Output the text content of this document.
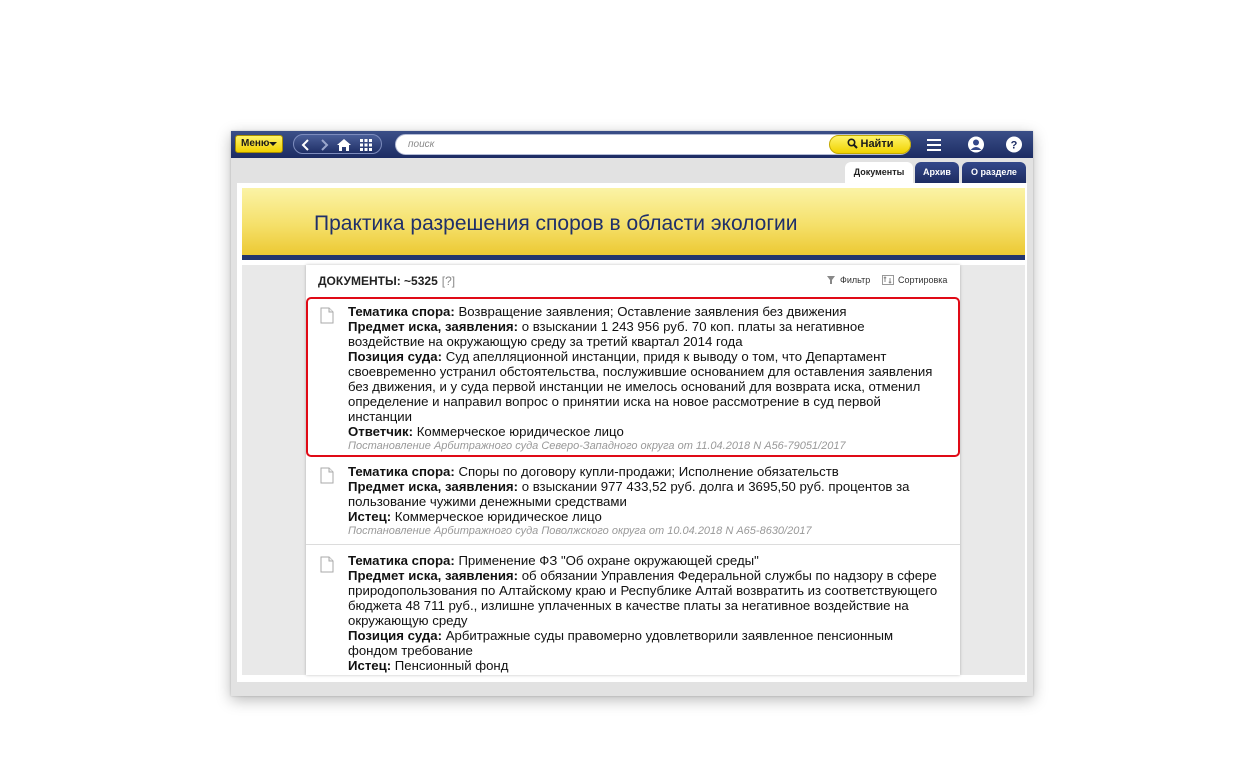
Меню
поиск	Найти	?
Документы	Архив	О разделе
Практика разрешения споров в области экологии
ДОКУМЕНТЫ: ~5325 [?]	Фильтр	Сортировка
Тематика спора: Возвращение заявления; Оставление заявления без движения
Предмет иска, заявления: о взыскании 1 243 956 руб. 70 коп. платы за негативное воздействие на окружающую среду за третий квартал 2014 года
Позиция суда: Суд апелляционной инстанции, придя к выводу о том, что Департамент своевременно устранил обстоятельства, послужившие основанием для оставления заявления без движения, и у суда первой инстанции не имелось оснований для возврата иска, отменил определение и направил вопрос о принятии иска на новое рассмотрение в суд первой инстанции
Ответчик: Коммерческое юридическое лицо
Постановление Арбитражного суда Северо-Западного округа от 11.04.2018 N А56-79051/2017
Тематика спора: Споры по договору купли-продажи; Исполнение обязательств
Предмет иска, заявления: о взыскании 977 433,52 руб. долга и 3695,50 руб. процентов за пользование чужими денежными средствами
Истец: Коммерческое юридическое лицо
Постановление Арбитражного суда Поволжского округа от 10.04.2018 N А65-8630/2017
Тематика спора: Применение ФЗ "Об охране окружающей среды"
Предмет иска, заявления: об обязании Управления Федеральной службы по надзору в сфере природопользования по Алтайскому краю и Республике Алтай возвратить из соответствующего бюджета 48 711 руб., излишне уплаченных в качестве платы за негативное воздействие на окружающую среду
Позиция суда: Арбитражные суды правомерно удовлетворили заявленное пенсионным фондом требование
Истец: Пенсионный фонд
